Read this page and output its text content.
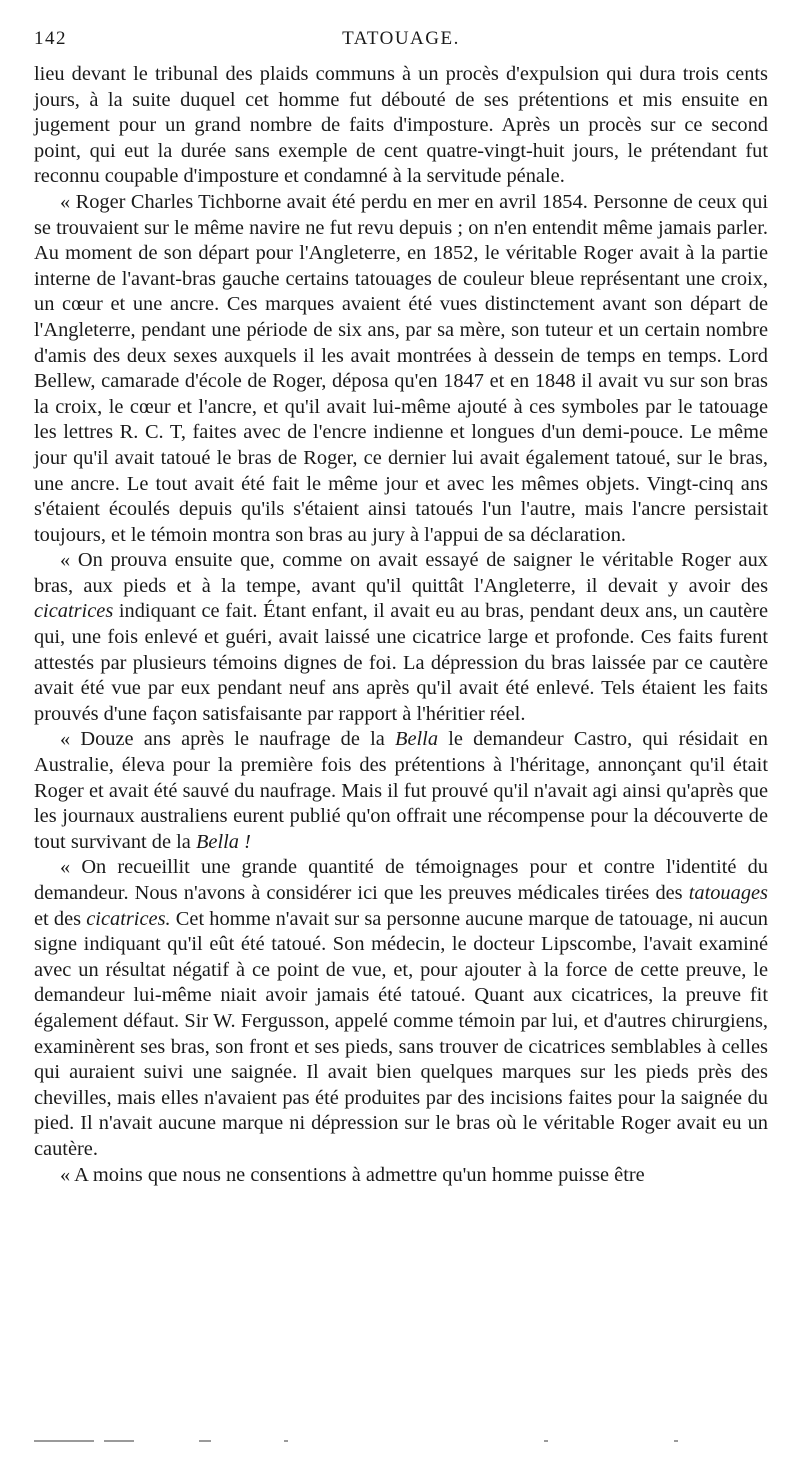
142	TATOUAGE.

lieu devant le tribunal des plaids communs à un procès d'expulsion qui dura trois cents jours, à la suite duquel cet homme fut débouté de ses prétentions et mis ensuite en jugement pour un grand nombre de faits d'imposture. Après un procès sur ce second point, qui eut la durée sans exemple de cent quatre-vingt-huit jours, le prétendant fut reconnu coupable d'imposture et condamné à la servitude pénale.

« Roger Charles Tichborne avait été perdu en mer en avril 1854. Personne de ceux qui se trouvaient sur le même navire ne fut revu depuis ; on n'en entendit même jamais parler. Au moment de son départ pour l'Angleterre, en 1852, le véritable Roger avait à la partie interne de l'avant-bras gauche certains tatouages de couleur bleue représentant une croix, un cœur et une ancre. Ces marques avaient été vues distinctement avant son départ de l'Angleterre, pendant une période de six ans, par sa mère, son tuteur et un certain nombre d'amis des deux sexes auxquels il les avait montrées à dessein de temps en temps. Lord Bellew, camarade d'école de Roger, déposa qu'en 1847 et en 1848 il avait vu sur son bras la croix, le cœur et l'ancre, et qu'il avait lui-même ajouté à ces symboles par le tatouage les lettres R. C. T, faites avec de l'encre indienne et longues d'un demi-pouce. Le même jour qu'il avait tatoué le bras de Roger, ce dernier lui avait également tatoué, sur le bras, une ancre. Le tout avait été fait le même jour et avec les mêmes objets. Vingt-cinq ans s'étaient écoulés depuis qu'ils s'étaient ainsi tatoués l'un l'autre, mais l'ancre persistait toujours, et le témoin montra son bras au jury à l'appui de sa déclaration.

« On prouva ensuite que, comme on avait essayé de saigner le véritable Roger aux bras, aux pieds et à la tempe, avant qu'il quittât l'Angleterre, il devait y avoir des cicatrices indiquant ce fait. Étant enfant, il avait eu au bras, pendant deux ans, un cautère qui, une fois enlevé et guéri, avait laissé une cicatrice large et profonde. Ces faits furent attestés par plusieurs témoins dignes de foi. La dépression du bras laissée par ce cautère avait été vue par eux pendant neuf ans après qu'il avait été enlevé. Tels étaient les faits prouvés d'une façon satisfaisante par rapport à l'héritier réel.

« Douze ans après le naufrage de la Bella le demandeur Castro, qui résidait en Australie, éleva pour la première fois des prétentions à l'héritage, annonçant qu'il était Roger et avait été sauvé du naufrage. Mais il fut prouvé qu'il n'avait agi ainsi qu'après que les journaux australiens eurent publié qu'on offrait une récompense pour la découverte de tout survivant de la Bella !

« On recueillit une grande quantité de témoignages pour et contre l'identité du demandeur. Nous n'avons à considérer ici que les preuves médicales tirées des tatouages et des cicatrices. Cet homme n'avait sur sa personne aucune marque de tatouage, ni aucun signe indiquant qu'il eût été tatoué. Son médecin, le docteur Lipscombe, l'avait examiné avec un résultat négatif à ce point de vue, et, pour ajouter à la force de cette preuve, le demandeur lui-même niait avoir jamais été tatoué. Quant aux cicatrices, la preuve fit également défaut. Sir W. Fergusson, appelé comme témoin par lui, et d'autres chirurgiens, examinèrent ses bras, son front et ses pieds, sans trouver de cicatrices semblables à celles qui auraient suivi une saignée. Il avait bien quelques marques sur les pieds près des chevilles, mais elles n'avaient pas été produites par des incisions faites pour la saignée du pied. Il n'avait aucune marque ni dépression sur le bras où le véritable Roger avait eu un cautère.

« A moins que nous ne consentions à admettre qu'un homme puisse être
